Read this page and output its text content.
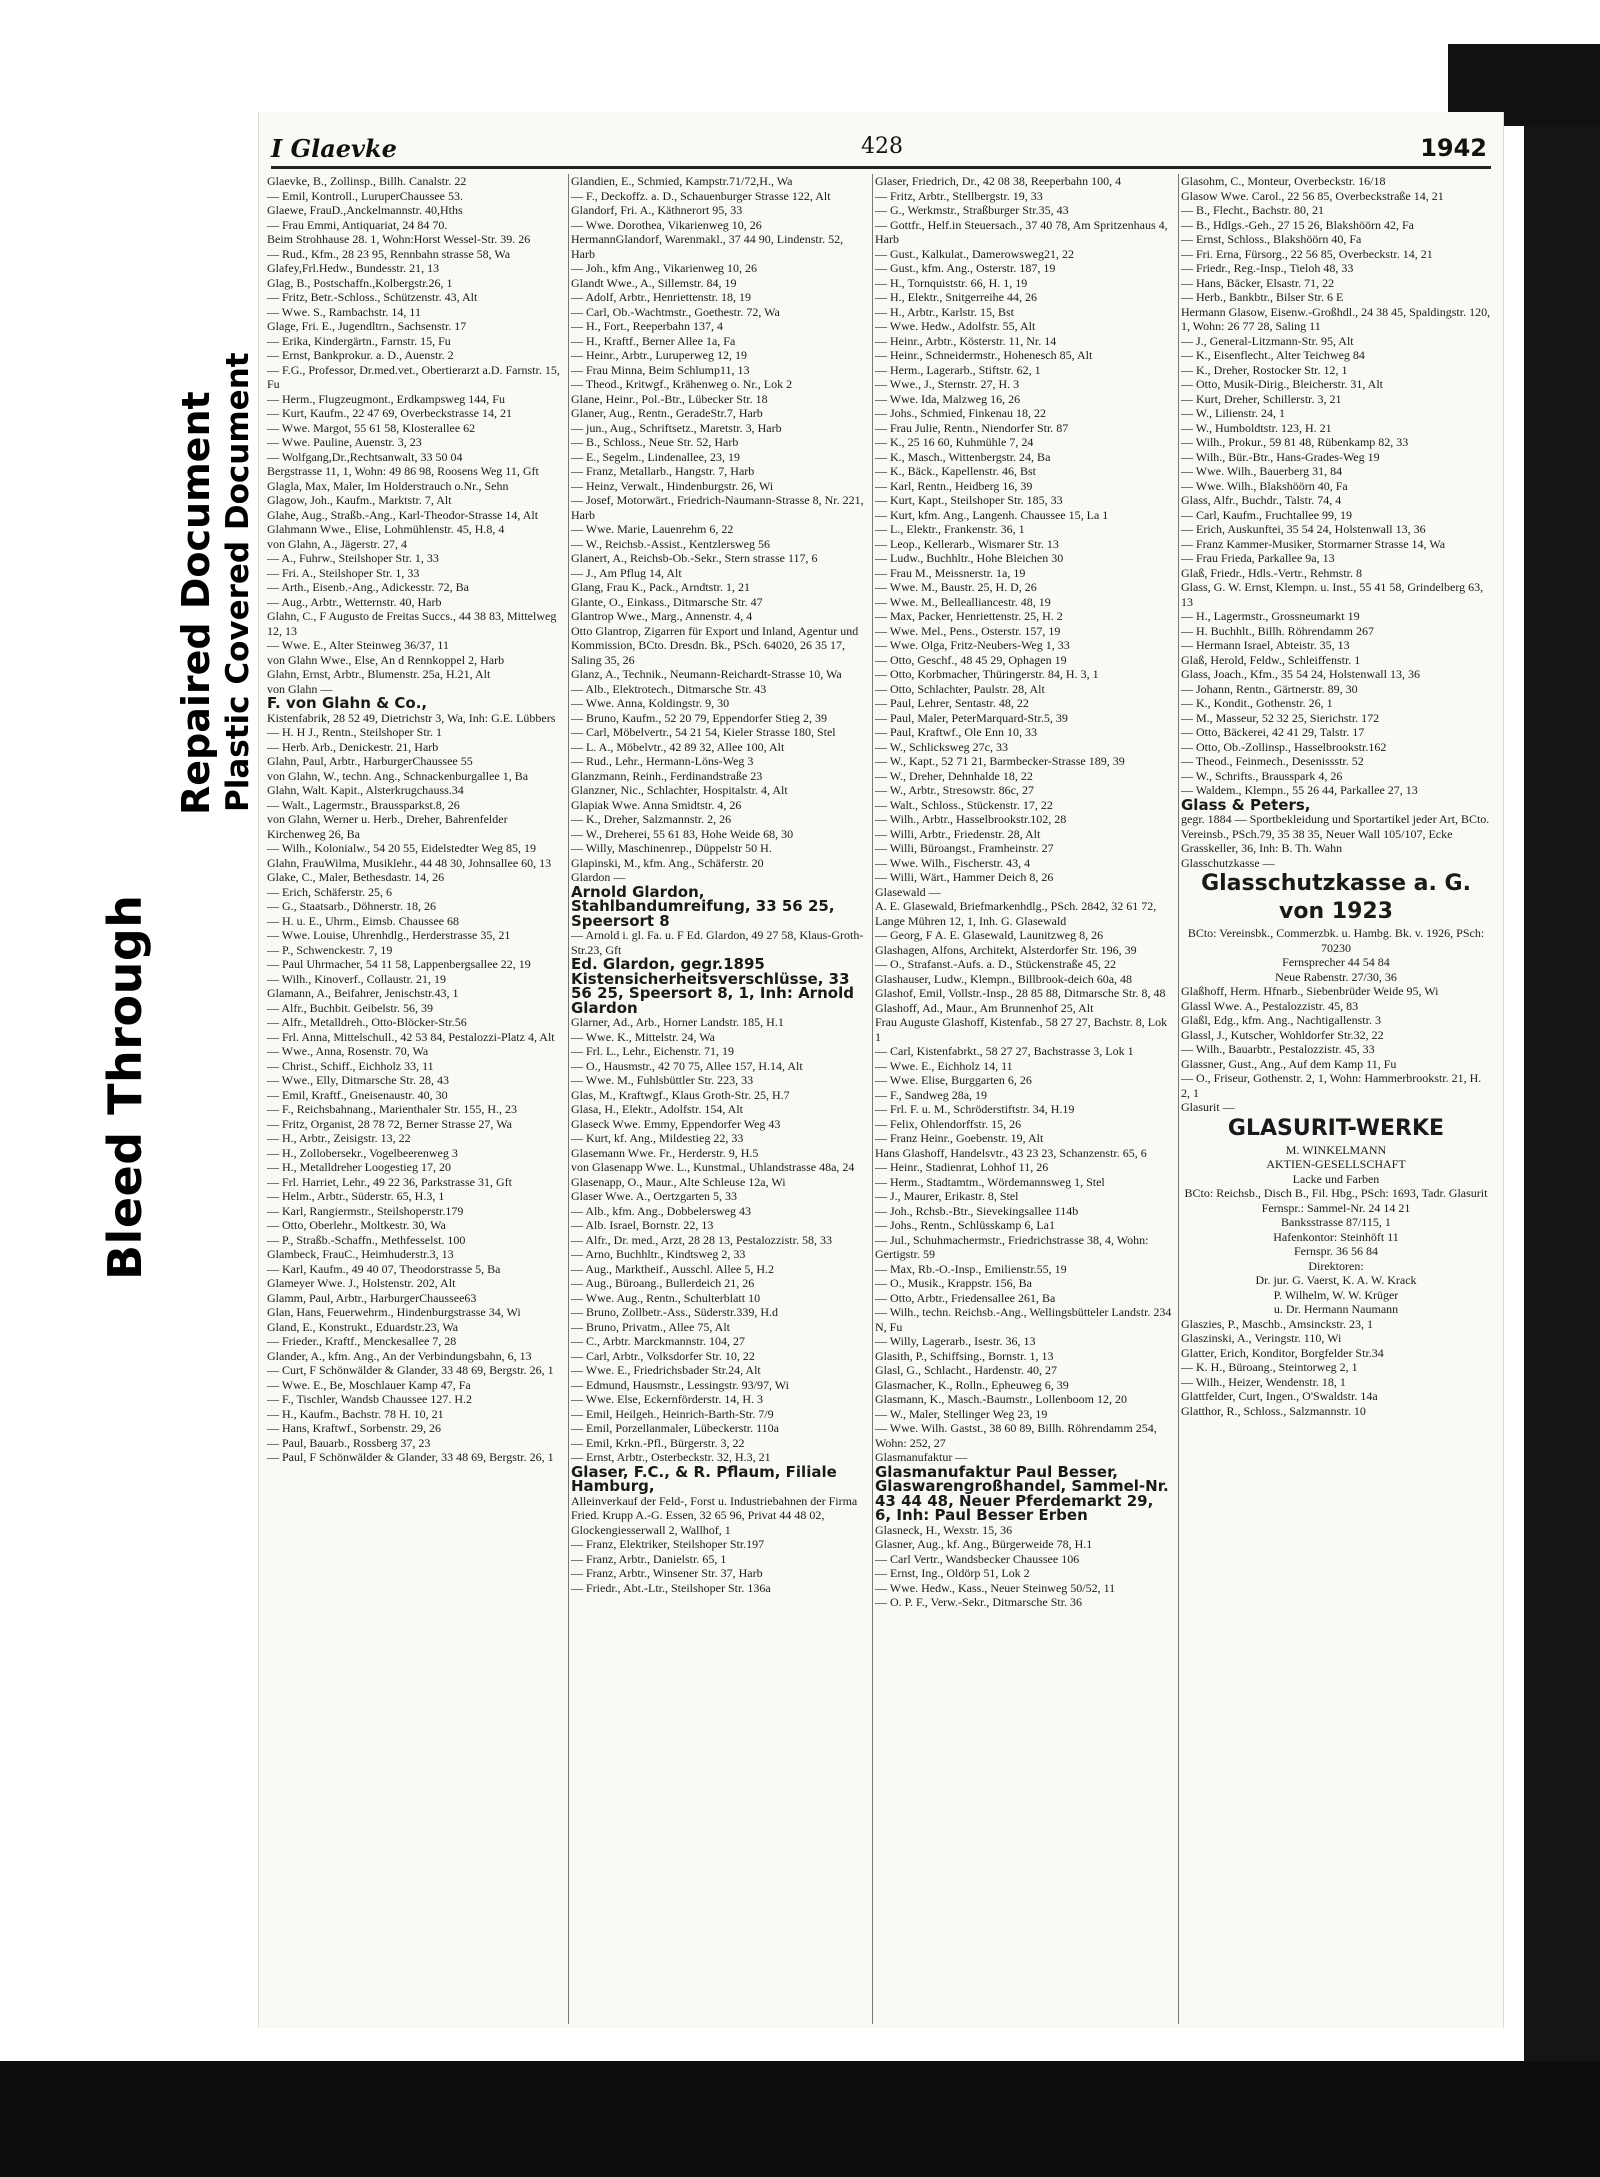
Bleed Through
Repaired Document Plastic Covered Document
I Glaevke	428	1942

Glaevke, B., Zollinsp., Billh. Canalstr. 22

— Emil, Kontroll., LuruperChaussee 53.

Glaewe, FrauD.,Anckelmannstr. 40,Hths

— Frau Emmi, Antiquariat, 24 84 70.

Beim Strohhause 28. 1, Wohn:Horst Wessel-Str. 39. 26

— Rud., Kfm., 28 23 95, Rennbahn strasse 58, Wa

Glafey,Frl.Hedw., Bundesstr. 21, 13

Glag, B., Postschaffn.,Kolbergstr.26, 1

— Fritz, Betr.-Schloss., Schützenstr. 43, Alt

— Wwe. S., Rambachstr. 14, 11

Glage, Fri. E., Jugendltrn., Sachsenstr. 17

— Erika, Kindergärtn., Farnstr. 15, Fu

— Ernst, Bankprokur. a. D., Auenstr. 2

— F.G., Professor, Dr.med.vet., Obertierarzt a.D. Farnstr. 15, Fu

— Herm., Flugzeugmont., Erdkampsweg 144, Fu

— Kurt, Kaufm., 22 47 69, Overbeckstrasse 14, 21

— Wwe. Margot, 55 61 58, Klosterallee 62

— Wwe. Pauline, Auenstr. 3, 23

— Wolfgang,Dr.,Rechtsanwalt, 33 50 04

Bergstrasse 11, 1, Wohn: 49 86 98, Roosens Weg 11, Gft

Glagla, Max, Maler, Im Holderstrauch o.Nr., Sehn

Glagow, Joh., Kaufm., Marktstr. 7, Alt

Glahe, Aug., Straßb.-Ang., Karl-Theodor-Strasse 14, Alt

Glahmann Wwe., Elise, Lohmühlenstr. 45, H.8, 4

von Glahn, A., Jägerstr. 27, 4

— A., Fuhrw., Steilshoper Str. 1, 33

— Fri. A., Steilshoper Str. 1, 33

— Arth., Eisenb.-Ang., Adickesstr. 72, Ba

— Aug., Arbtr., Wetternstr. 40, Harb

Glahn, C., F Augusto de Freitas Succs., 44 38 83, Mittelweg 12, 13

— Wwe. E., Alter Steinweg 36/37, 11

von Glahn Wwe., Else, An d Rennkoppel 2, Harb

Glahn, Ernst, Arbtr., Blumenstr. 25a, H.21, Alt

von Glahn —

F. von Glahn & Co.,

Kistenfabrik, 28 52 49, Dietrichstr 3, Wa, Inh: G.E. Lübbers

— H. H J., Rentn., Steilshoper Str. 1

— Herb. Arb., Denickestr. 21, Harb

Glahn, Paul, Arbtr., HarburgerChaussee 55

von Glahn, W., techn. Ang., Schnackenburgallee 1, Ba

Glahn, Walt. Kapit., Alsterkrugchauss.34

— Walt., Lagermstr., Braussparkst.8, 26

von Glahn, Werner u. Herb., Dreher, Bahrenfelder Kirchenweg 26, Ba

— Wilh., Kolonialw., 54 20 55, Eidelstedter Weg 85, 19

Glahn, FrauWilma, Musiklehr., 44 48 30, Johnsallee 60, 13

Glake, C., Maler, Bethesdastr. 14, 26

— Erich, Schäferstr. 25, 6

— G., Staatsarb., Döhnerstr. 18, 26

— H. u. E., Uhrm., Eimsb. Chaussee 68

— Wwe. Louise, Uhrenhdlg., Herderstrasse 35, 21

— P., Schwenckestr. 7, 19

— Paul Uhrmacher, 54 11 58, Lappenbergsallee 22, 19

— Wilh., Kinoverf., Collaustr. 21, 19

Glamann, A., Beifahrer, Jenischstr.43, 1

— Alfr., Buchbit. Geibelstr. 56, 39

— Alfr., Metalldreh., Otto-Blöcker-Str.56

— Frl. Anna, Mittelschull., 42 53 84, Pestalozzi-Platz 4, Alt

— Wwe., Anna, Rosenstr. 70, Wa

— Christ., Schiff., Eichholz 33, 11

— Wwe., Elly, Ditmarsche Str. 28, 43

— Emil, Kraftf., Gneisenaustr. 40, 30

— F., Reichsbahnang., Marienthaler Str. 155, H., 23

— Fritz, Organist, 28 78 72, Berner Strasse 27, Wa

— H., Arbtr., Zeisigstr. 13, 22

— H., Zollobersekr., Vogelbeerenweg 3

— H., Metalldreher Loogestieg 17, 20

— Frl. Harriet, Lehr., 49 22 36, Parkstrasse 31, Gft

— Helm., Arbtr., Süderstr. 65, H.3, 1

— Karl, Rangiermstr., Steilshoperstr.179

— Otto, Oberlehr., Moltkestr. 30, Wa

— P., Straßb.-Schaffn., Methfesselst. 100

Glambeck, FrauC., Heimhuderstr.3, 13

— Karl, Kaufm., 49 40 07, Theodorstrasse 5, Ba

Glameyer Wwe. J., Holstenstr. 202, Alt

Glamm, Paul, Arbtr., HarburgerChaussee63

Glan, Hans, Feuerwehrm., Hindenburgstrasse 34, Wi

Gland, E., Konstrukt., Eduardstr.23, Wa

— Frieder., Kraftf., Menckesallee 7, 28

Glander, A., kfm. Ang., An der Verbindungsbahn, 6, 13

— Curt, F Schönwälder & Glander, 33 48 69, Bergstr. 26, 1

— Wwe. E., Be, Moschlauer Kamp 47, Fa

— F., Tischler, Wandsb Chaussee 127. H.2

— H., Kaufm., Bachstr. 78 H. 10, 21

— Hans, Kraftwf., Sorbenstr. 29, 26

— Paul, Bauarb., Rossberg 37, 23

— Paul, F Schönwälder & Glander, 33 48 69, Bergstr. 26, 1

Glandien, E., Schmied, Kampstr.71/72,H., Wa

— F., Deckoffz. a. D., Schauenburger Strasse 122, Alt

Glandorf, Fri. A., Käthnerort 95, 33

— Wwe. Dorothea, Vikarienweg 10, 26

HermannGlandorf, Warenmakl., 37 44 90, Lindenstr. 52, Harb

— Joh., kfm Ang., Vikarienweg 10, 26

Glandt Wwe., A., Sillemstr. 84, 19

— Adolf, Arbtr., Henriettenstr. 18, 19

— Carl, Ob.-Wachtmstr., Goethestr. 72, Wa

— H., Fort., Reeperbahn 137, 4

— H., Kraftf., Berner Allee 1a, Fa

— Heinr., Arbtr., Luruperweg 12, 19

— Frau Minna, Beim Schlump11, 13

— Theod., Kritwgf., Krähenweg o. Nr., Lok 2

Glane, Heinr., Pol.-Btr., Lübecker Str. 18

Glaner, Aug., Rentn., GeradeStr.7, Harb

— jun., Aug., Schriftsetz., Maretstr. 3, Harb

— B., Schloss., Neue Str. 52, Harb

— E., Segelm., Lindenallee, 23, 19

— Franz, Metallarb., Hangstr. 7, Harb

— Heinz, Verwalt., Hindenburgstr. 26, Wi

— Josef, Motorwärt., Friedrich-Naumann-Strasse 8, Nr. 221, Harb

— Wwe. Marie, Lauenrehm 6, 22

— W., Reichsb.-Assist., Kentzlersweg 56

Glanert, A., Reichsb-Ob.-Sekr., Stern strasse 117, 6

— J., Am Pflug 14, Alt

Glang, Frau K., Pack., Arndtstr. 1, 21

Glante, O., Einkass., Ditmarsche Str. 47

Glantrop Wwe., Marg., Annenstr. 4, 4

Otto Glantrop, Zigarren für Export und Inland, Agentur und Kommission, BCto. Dresdn. Bk., PSch. 64020, 26 35 17, Saling 35, 26

Glanz, A., Technik., Neumann-Reichardt-Strasse 10, Wa

— Alb., Elektrotech., Ditmarsche Str. 43

— Wwe. Anna, Koldingstr. 9, 30

— Bruno, Kaufm., 52 20 79, Eppendorfer Stieg 2, 39

— Carl, Möbelvertr., 54 21 54, Kieler Strasse 180, Stel

— L. A., Möbelvtr., 42 89 32, Allee 100, Alt

— Rud., Lehr., Hermann-Löns-Weg 3

Glanzmann, Reinh., Ferdinandstraße 23

Glanzner, Nic., Schlachter, Hospitalstr. 4, Alt

Glapiak Wwe. Anna Smidtstr. 4, 26

— K., Dreher, Salzmannstr. 2, 26

— W., Dreherei, 55 61 83, Hohe Weide 68, 30

— Willy, Maschinenrep., Düppelstr 50 H.

Glapinski, M., kfm. Ang., Schäferstr. 20

Glardon —

Arnold Glardon, Stahlbandumreifung, 33 56 25, Speersort 8

— Arnold i. gl. Fa. u. F Ed. Glardon, 49 27 58, Klaus-Groth-Str.23, Gft

Ed. Glardon, gegr.1895 Kistensicherheitsverschlüsse, 33 56 25, Speersort 8, 1, Inh: Arnold Glardon

Glarner, Ad., Arb., Horner Landstr. 185, H.1

— Wwe. K., Mittelstr. 24, Wa

— Frl. L., Lehr., Eichenstr. 71, 19

— O., Hausmstr., 42 70 75, Allee 157, H.14, Alt

— Wwe. M., Fuhlsbüttler Str. 223, 33

Glas, M., Kraftwgf., Klaus Groth-Str. 25, H.7

Glasa, H., Elektr., Adolfstr. 154, Alt

Glaseck Wwe. Emmy, Eppendorfer Weg 43

— Kurt, kf. Ang., Mildestieg 22, 33

Glasemann Wwe. Fr., Herderstr. 9, H.5

von Glasenapp Wwe. L., Kunstmal., Uhlandstrasse 48a, 24

Glasenapp, O., Maur., Alte Schleuse 12a, Wi

Glaser Wwe. A., Oertzgarten 5, 33

— Alb., kfm. Ang., Dobbelersweg 43

— Alb. Israel, Bornstr. 22, 13

— Alfr., Dr. med., Arzt, 28 28 13, Pestalozzistr. 58, 33

— Arno, Buchhltr., Kindtsweg 2, 33

— Aug., Marktheif., Ausschl. Allee 5, H.2

— Aug., Büroang., Bullerdeich 21, 26

— Wwe. Aug., Rentn., Schulterblatt 10

— Bruno, Zollbetr.-Ass., Süderstr.339, H.d

— Bruno, Privatm., Allee 75, Alt

— C., Arbtr. Marckmannstr. 104, 27

— Carl, Arbtr., Volksdorfer Str. 10, 22

— Wwe. E., Friedrichsbader Str.24, Alt

— Edmund, Hausmstr., Lessingstr. 93/97, Wi

— Wwe. Else, Eckernförderstr. 14, H. 3

— Emil, Heilgeh., Heinrich-Barth-Str. 7/9

— Emil, Porzellanmaler, Lübeckerstr. 110a

— Emil, Krkn.-Pfl., Bürgerstr. 3, 22

— Ernst, Arbtr., Osterbeckstr. 32, H.3, 21

Glaser, F.C., & R. Pflaum, Filiale Hamburg,

Alleinverkauf der Feld-, Forst u. Industriebahnen der Firma Fried. Krupp A.-G. Essen, 32 65 96, Privat 44 48 02, Glockengiesserwall 2, Wallhof, 1

— Franz, Elektriker, Steilshoper Str.197

— Franz, Arbtr., Danielstr. 65, 1

— Franz, Arbtr., Winsener Str. 37, Harb

— Friedr., Abt.-Ltr., Steilshoper Str. 136a

Glaser, Friedrich, Dr., 42 08 38, Reeperbahn 100, 4

— Fritz, Arbtr., Stellbergstr. 19, 33

— G., Werkmstr., Straßburger Str.35, 43

— Gottfr., Helf.in Steuersach., 37 40 78, Am Spritzenhaus 4, Harb

— Gust., Kalkulat., Damerowsweg21, 22

— Gust., kfm. Ang., Osterstr. 187, 19

— H., Tornquiststr. 66, H. 1, 19

— H., Elektr., Snitgerreihe 44, 26

— H., Arbtr., Karlstr. 15, Bst

— Wwe. Hedw., Adolfstr. 55, Alt

— Heinr., Arbtr., Kösterstr. 11, Nr. 14

— Heinr., Schneidermstr., Hohenesch 85, Alt

— Herm., Lagerarb., Stiftstr. 62, 1

— Wwe., J., Sternstr. 27, H. 3

— Wwe. Ida, Malzweg 16, 26

— Johs., Schmied, Finkenau 18, 22

— Frau Julie, Rentn., Niendorfer Str. 87

— K., 25 16 60, Kuhmühle 7, 24

— K., Masch., Wittenbergstr. 24, Ba

— K., Bäck., Kapellenstr. 46, Bst

— Karl, Rentn., Heidberg 16, 39

— Kurt, Kapt., Steilshoper Str. 185, 33

— Kurt, kfm. Ang., Langenh. Chaussee 15, La 1

— L., Elektr., Frankenstr. 36, 1

— Leop., Kellerarb., Wismarer Str. 13

— Ludw., Buchhltr., Hohe Bleichen 30

— Frau M., Meissnerstr. 1a, 19

— Wwe. M., Baustr. 25, H. D, 26

— Wwe. M., Bellealliancestr. 48, 19

— Max, Packer, Henriettenstr. 25, H. 2

— Wwe. Mel., Pens., Osterstr. 157, 19

— Wwe. Olga, Fritz-Neubers-Weg 1, 33

— Otto, Geschf., 48 45 29, Ophagen 19

— Otto, Korbmacher, Thüringerstr. 84, H. 3, 1

— Otto, Schlachter, Paulstr. 28, Alt

— Paul, Lehrer, Sentastr. 48, 22

— Paul, Maler, PeterMarquard-Str.5, 39

— Paul, Kraftwf., Ole Enn 10, 33

— W., Schlicksweg 27c, 33

— W., Kapt., 52 71 21, Barmbecker-Strasse 189, 39

— W., Dreher, Dehnhalde 18, 22

— W., Arbtr., Stresowstr. 86c, 27

— Walt., Schloss., Stückenstr. 17, 22

— Wilh., Arbtr., Hasselbrookstr.102, 28

— Willi, Arbtr., Friedenstr. 28, Alt

— Willi, Büroangst., Framheinstr. 27

— Wwe. Wilh., Fischerstr. 43, 4

— Willi, Wärt., Hammer Deich 8, 26

Glasewald —

A. E. Glasewald, Briefmarkenhdlg., PSch. 2842, 32 61 72, Lange Mühren 12, 1, Inh. G. Glasewald

— Georg, F A. E. Glasewald, Launitzweg 8, 26

Glashagen, Alfons, Architekt, Alsterdorfer Str. 196, 39

— O., Strafanst.-Aufs. a. D., Stückenstraße 45, 22

Glashauser, Ludw., Klempn., Billbrook-deich 60a, 48

Glashof, Emil, Vollstr.-Insp., 28 85 88, Ditmarsche Str. 8, 48

Glashoff, Ad., Maur., Am Brunnenhof 25, Alt

Frau Auguste Glashoff, Kistenfab., 58 27 27, Bachstr. 8, Lok 1

— Carl, Kistenfabrkt., 58 27 27, Bachstrasse 3, Lok 1

— Wwe. E., Eichholz 14, 11

— Wwe. Elise, Burggarten 6, 26

— F., Sandweg 28a, 19

— Frl. F. u. M., Schröderstiftstr. 34, H.19

— Felix, Ohlendorffstr. 15, 26

— Franz Heinr., Goebenstr. 19, Alt

Hans Glashoff, Handelsvtr., 43 23 23, Schanzenstr. 65, 6

— Heinr., Stadienrat, Lohhof 11, 26

— Herm., Stadtamtm., Wördemannsweg 1, Stel

— J., Maurer, Erikastr. 8, Stel

— Joh., Rchsb.-Btr., Sievekingsallee 114b

— Johs., Rentn., Schlüsskamp 6, La1

— Jul., Schuhmachermstr., Friedrichstrasse 38, 4, Wohn: Gertigstr. 59

— Max, Rb.-O.-Insp., Emilienstr.55, 19

— O., Musik., Krappstr. 156, Ba

— Otto, Arbtr., Friedensallee 261, Ba

— Wilh., techn. Reichsb.-Ang., Wellingsbütteler Landstr. 234 N, Fu

— Willy, Lagerarb., Isestr. 36, 13

Glasith, P., Schiffsing., Bornstr. 1, 13

Glasl, G., Schlacht., Hardenstr. 40, 27

Glasmacher, K., Rolln., Epheuweg 6, 39

Glasmann, K., Masch.-Baumstr., Lollenboom 12, 20

— W., Maler, Stellinger Weg 23, 19

— Wwe. Wilh. Gastst., 38 60 89, Billh. Röhrendamm 254, Wohn: 252, 27

Glasmanufaktur —

Glasmanufaktur Paul Besser, Glaswarengroßhandel, Sammel-Nr. 43 44 48, Neuer Pferdemarkt 29, 6, Inh: Paul Besser Erben

Glasneck, H., Wexstr. 15, 36

Glasner, Aug., kf. Ang., Bürgerweide 78, H.1

— Carl Vertr., Wandsbecker Chaussee 106

— Ernst, Ing., Oldörp 51, Lok 2

— Wwe. Hedw., Kass., Neuer Steinweg 50/52, 11

— O. P. F., Verw.-Sekr., Ditmarsche Str. 36

Glasohm, C., Monteur, Overbeckstr. 16/18

Glasow Wwe. Carol., 22 56 85, Overbeckstraße 14, 21

— B., Flecht., Bachstr. 80, 21

— B., Hdlgs.-Geh., 27 15 26, Blakshöörn 42, Fa

— Ernst, Schloss., Blakshöörn 40, Fa

— Fri. Erna, Fürsorg., 22 56 85, Overbeckstr. 14, 21

— Friedr., Reg.-Insp., Tieloh 48, 33

— Hans, Bäcker, Elsastr. 71, 22

— Herb., Bankbtr., Bilser Str. 6 E

Hermann Glasow, Eisenw.-Großhdl., 24 38 45, Spaldingstr. 120, 1, Wohn: 26 77 28, Saling 11

— J., General-Litzmann-Str. 95, Alt

— K., Eisenflecht., Alter Teichweg 84

— K., Dreher, Rostocker Str. 12, 1

— Otto, Musik-Dirig., Bleicherstr. 31, Alt

— Kurt, Dreher, Schillerstr. 3, 21

— W., Lilienstr. 24, 1

— W., Humboldtstr. 123, H. 21

— Wilh., Prokur., 59 81 48, Rübenkamp 82, 33

— Wilh., Bür.-Btr., Hans-Grades-Weg 19

— Wwe. Wilh., Bauerberg 31, 84

— Wwe. Wilh., Blakshöörn 40, Fa

Glass, Alfr., Buchdr., Talstr. 74, 4

— Carl, Kaufm., Fruchtallee 99, 19

— Erich, Auskunftei, 35 54 24, Holstenwall 13, 36

— Franz Kammer-Musiker, Stormarner Strasse 14, Wa

— Frau Frieda, Parkallee 9a, 13

Glaß, Friedr., Hdls.-Vertr., Rehmstr. 8

Glass, G. W. Ernst, Klempn. u. Inst., 55 41 58, Grindelberg 63, 13

— H., Lagermstr., Grossneumarkt 19

— H. Buchhlt., Billh. Röhrendamm 267

— Hermann Israel, Abteistr. 35, 13

Glaß, Herold, Feldw., Schleiffenstr. 1

Glass, Joach., Kfm., 35 54 24, Holstenwall 13, 36

— Johann, Rentn., Gärtnerstr. 89, 30

— K., Kondit., Gothenstr. 26, 1

— M., Masseur, 52 32 25, Sierichstr. 172

— Otto, Bäckerei, 42 41 29, Talstr. 17

— Otto, Ob.-Zollinsp., Hasselbrookstr.162

— Theod., Feinmech., Desenissstr. 52

— W., Schrifts., Brausspark 4, 26

— Waldem., Klempn., 55 26 44, Parkallee 27, 13

Glass & Peters,

gegr. 1884 — Sportbekleidung und Sportartikel jeder Art, BCto. Vereinsb., PSch.79, 35 38 35, Neuer Wall 105/107, Ecke Grasskeller, 36, Inh: B. Th. Wahn

Glasschutzkasse —

Glasschutzkasse a. G.

von 1923

BCto: Vereinsbk., Commerzbk. u. Hambg. Bk. v. 1926, PSch: 70230

Fernsprecher 44 54 84

Neue Rabenstr. 27/30, 36

Glaßhoff, Herm. Hfnarb., Siebenbrüder Weide 95, Wi

Glassl Wwe. A., Pestalozzistr. 45, 83

Glaßl, Edg., kfm. Ang., Nachtigallenstr. 3

Glassl, J., Kutscher, Wohldorfer Str.32, 22

— Wilh., Bauarbtr., Pestalozzistr. 45, 33

Glassner, Gust., Ang., Auf dem Kamp 11, Fu

— O., Friseur, Gothenstr. 2, 1, Wohn: Hammerbrookstr. 21, H. 2, 1

Glasurit —

GLASURIT-WERKE

M. WINKELMANN

AKTIEN-GESELLSCHAFT

Lacke und Farben

BCto: Reichsb., Disch B., Fil. Hbg., PSch: 1693, Tadr. Glasurit

Fernspr.: Sammel-Nr. 24 14 21

Banksstrasse 87/115, 1

Hafenkontor: Steinhöft 11

Fernspr. 36 56 84

Direktoren:

Dr. jur. G. Vaerst, K. A. W. Krack

P. Wilhelm, W. W. Krüger

u. Dr. Hermann Naumann

Glaszies, P., Maschb., Amsinckstr. 23, 1

Glaszinski, A., Veringstr. 110, Wi

Glatter, Erich, Konditor, Borgfelder Str.34

— K. H., Büroang., Steintorweg 2, 1

— Wilh., Heizer, Wendenstr. 18, 1

Glattfelder, Curt, Ingen., O'Swaldstr. 14a

Glatthor, R., Schloss., Salzmannstr. 10
